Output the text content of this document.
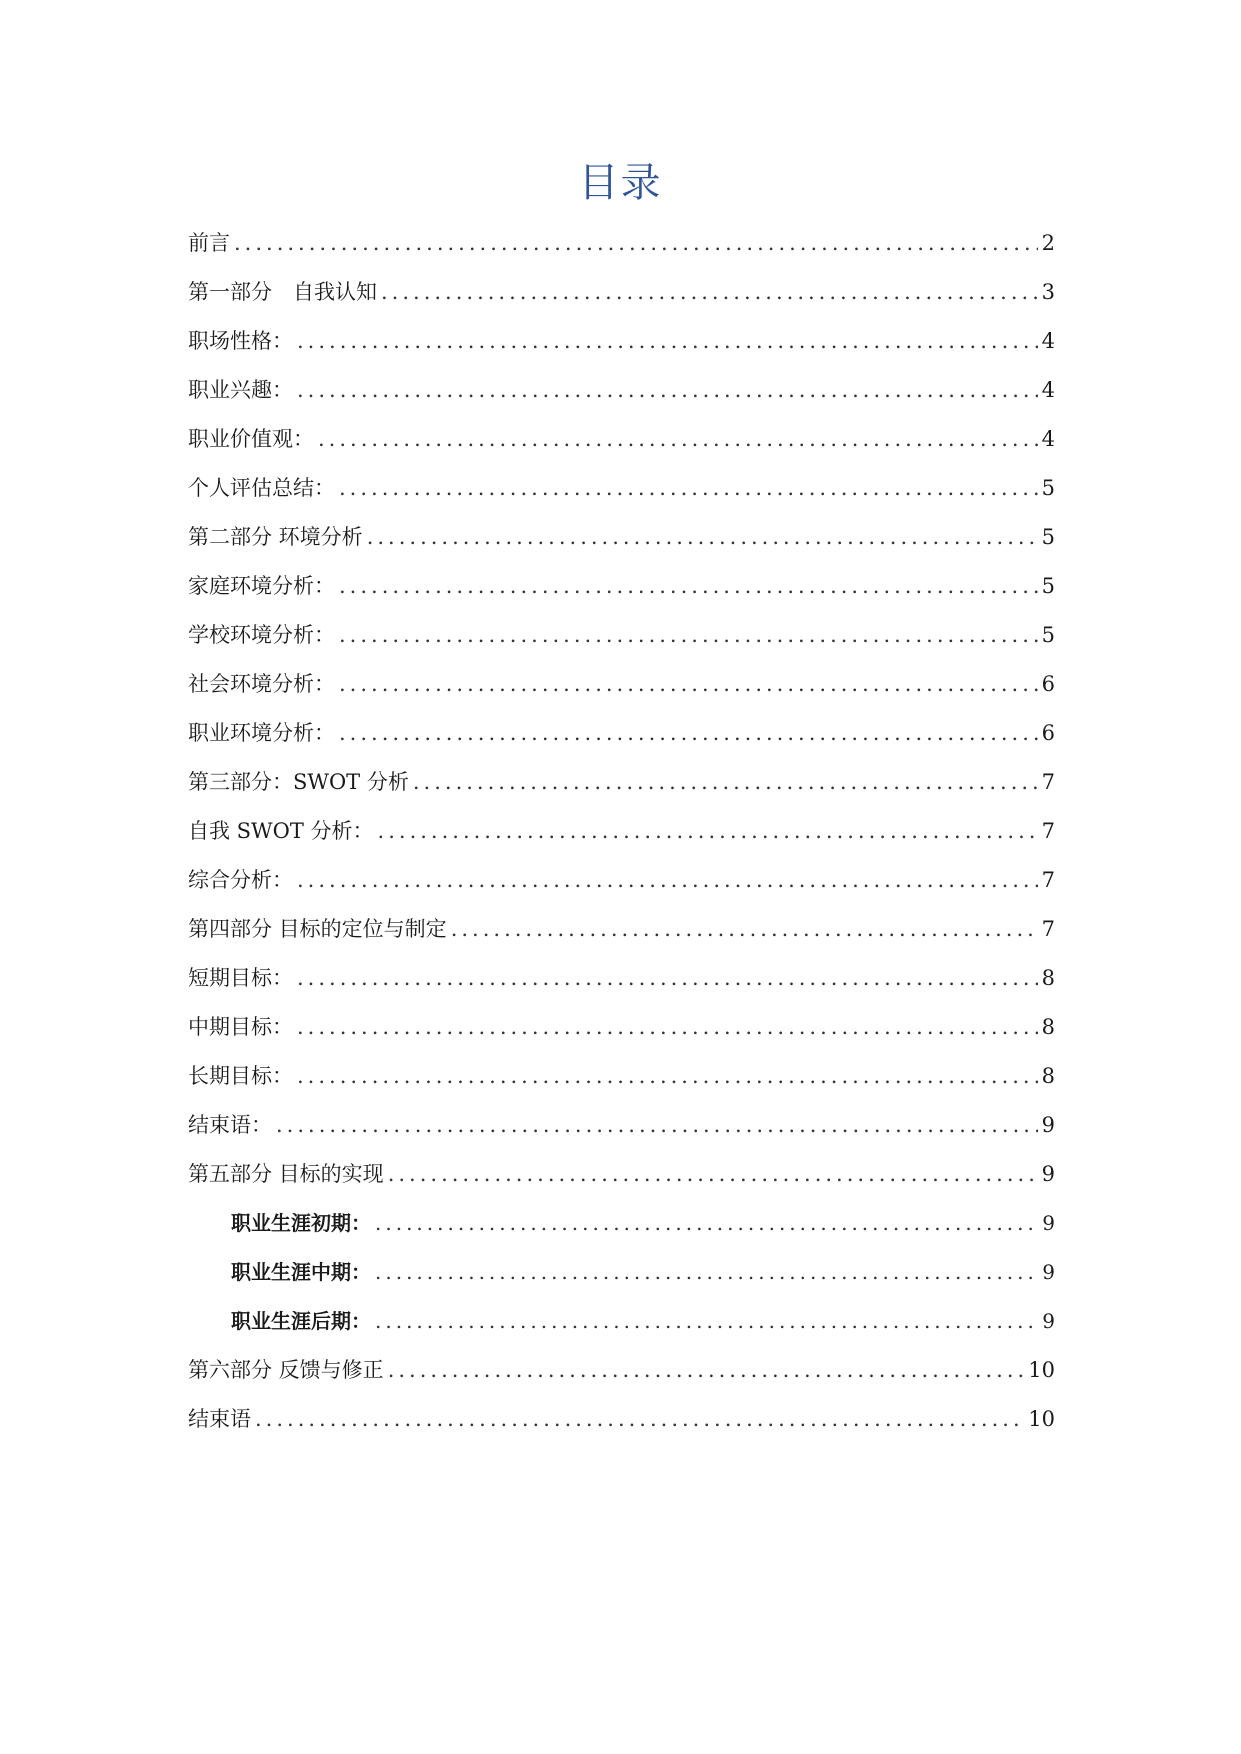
目录
前言 .....	2
第一部分　自我认知 .....	3
职场性格： .....	4
职业兴趣： .....	4
职业价值观： .....	4
个人评估总结： .....	5
第二部分 环境分析 .....	5
家庭环境分析： .....	5
学校环境分析： .....	5
社会环境分析： .....	6
职业环境分析： .....	6
第三部分：SWOT 分析 .....	7
自我 SWOT 分析： .....	7
综合分析： .....	7
第四部分 目标的定位与制定 .....	7
短期目标： .....	8
中期目标： .....	8
长期目标： .....	8
结束语： .....	9
第五部分 目标的实现 .....	9
职业生涯初期： .....	9
职业生涯中期： .....	9
职业生涯后期： .....	9
第六部分 反馈与修正 .....	10
结束语 .....	10
